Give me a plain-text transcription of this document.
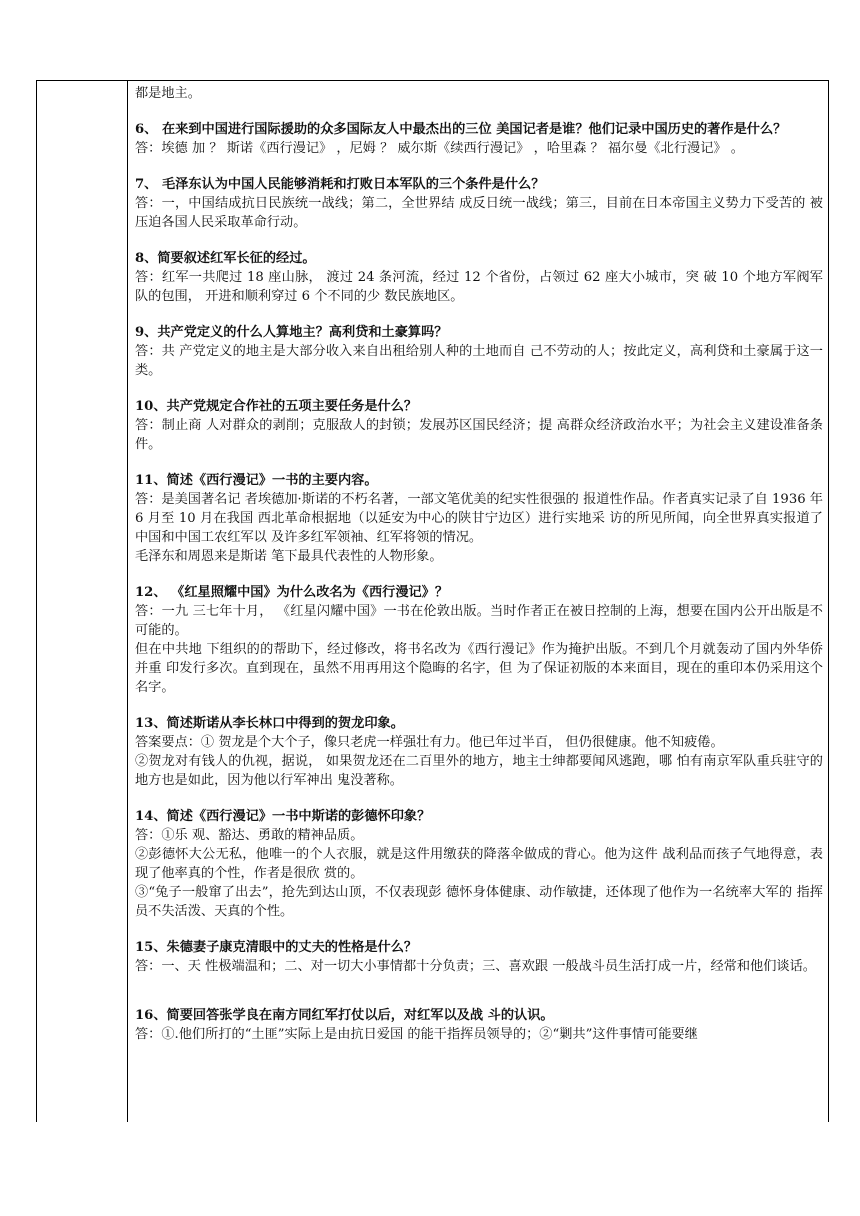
都是地主。

6、 在来到中国进行国际援助的众多国际友人中最杰出的三位 美国记者是谁？他们记录中国历史的著作是什么？

答：埃德 加 ？ 斯诺《西行漫记》 ，尼姆 ？ 威尔斯《续西行漫记》 ，哈里森 ？ 福尔曼《北行漫记》 。

7、 毛泽东认为中国人民能够消耗和打败日本军队的三个条件是什么？

答：一，中国结成抗日民族统一战线；第二，全世界结 成反日统一战线；第三，目前在日本帝国主义势力下受苦的 被压迫各国人民采取革命行动。

8、简要叙述红军长征的经过。

答：红军一共爬过 18 座山脉， 渡过 24 条河流，经过 12 个省份，占领过 62 座大小城市，突 破 10 个地方军阀军队的包围， 开进和顺利穿过 6 个不同的少 数民族地区。

9、共产党定义的什么人算地主？高利贷和土豪算吗？

答：共 产党定义的地主是大部分收入来自出租给别人种的土地而自 己不劳动的人；按此定义，高利贷和土豪属于这一类。

10、共产党规定合作社的五项主要任务是什么？

答：制止商 人对群众的剥削；克服敌人的封锁；发展苏区国民经济；提 高群众经济政治水平；为社会主义建设准备条件。

11、简述《西行漫记》一书的主要内容。

答：是美国著名记 者埃德加·斯诺的不朽名著，一部文笔优美的纪实性很强的 报道性作品。作者真实记录了自 1936 年 6 月至 10 月在我国 西北革命根据地（以延安为中心的陕甘宁边区）进行实地采 访的所见所闻，向全世界真实报道了中国和中国工农红军以 及许多红军领袖、红军将领的情况。

毛泽东和周恩来是斯诺 笔下最具代表性的人物形象。

12、 《红星照耀中国》为什么改名为《西行漫记》？

答：一九 三七年十月， 《红星闪耀中国》一书在伦敦出版。当时作者正在被日控制的上海，想要在国内公开出版是不可能的。

但在中共地 下组织的的帮助下，经过修改，将书名改为《西行漫记》作为掩护出版。不到几个月就轰动了国内外华侨并重 印发行多次。直到现在，虽然不用再用这个隐晦的名字，但 为了保证初版的本来面目，现在的重印本仍采用这个名字。

13、简述斯诺从李长林口中得到的贺龙印象。

答案要点：① 贺龙是个大个子，像只老虎一样强壮有力。他已年过半百， 但仍很健康。他不知疲倦。

②贺龙对有钱人的仇视，据说， 如果贺龙还在二百里外的地方，地主士绅都要闻风逃跑，哪 怕有南京军队重兵驻守的地方也是如此，因为他以行军神出 鬼没著称。

14、简述《西行漫记》一书中斯诺的彭德怀印象？

答：①乐 观、豁达、勇敢的精神品质。

②彭德怀大公无私，他唯一的个人衣服，就是这件用缴获的降落伞做成的背心。他为这件 战利品而孩子气地得意，表现了他率真的个性，作者是很欣 赏的。

③“兔子一般窜了出去”，抢先到达山顶，不仅表现彭 德怀身体健康、动作敏捷，还体现了他作为一名统率大军的 指挥员不失活泼、天真的个性。

15、朱德妻子康克清眼中的丈夫的性格是什么？

答：一、天 性极端温和；二、对一切大小事情都十分负责；三、喜欢跟 一般战斗员生活打成一片，经常和他们谈话。

16、简要回答张学良在南方同红军打仗以后，对红军以及战 斗的认识。

答：①.他们所打的“土匪”实际上是由抗日爱国 的能干指挥员领导的；②“剿共”这件事情可能要继
